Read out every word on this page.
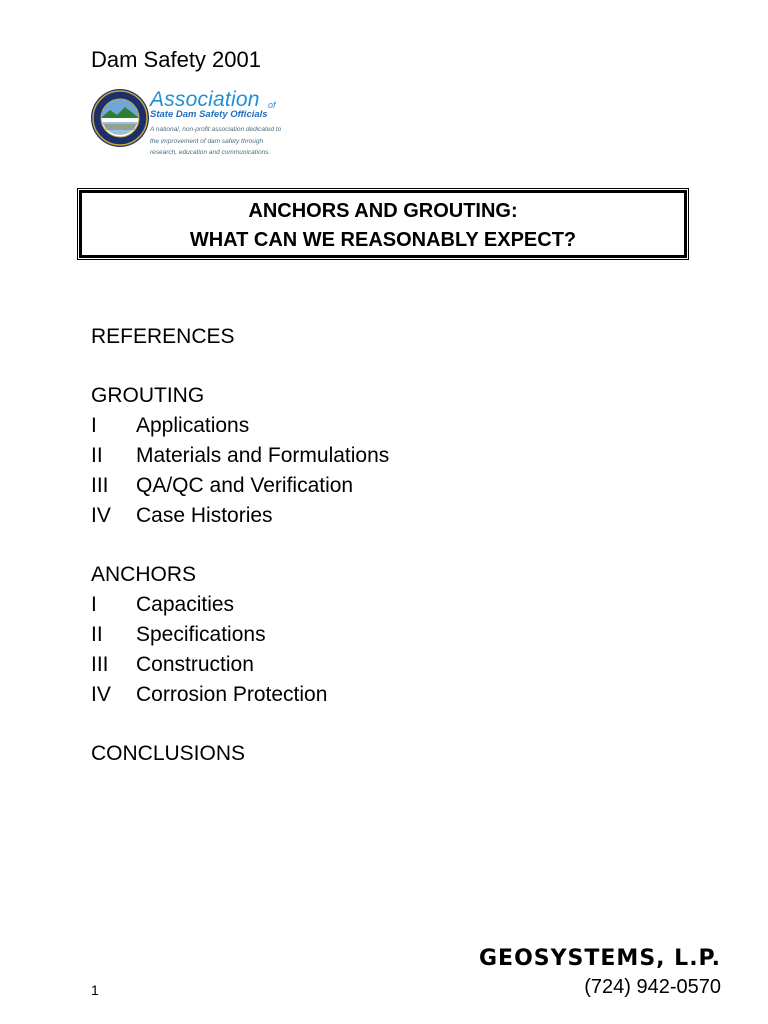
Dam Safety 2001
Association of
State Dam Safety Officials
A national, non-profit association dedicated to the improvement of dam safety through research, education and communications.
ANCHORS AND GROUTING:
WHAT CAN WE REASONABLY EXPECT?
REFERENCES
GROUTING
I	Applications
II	Materials and Formulations
III	QA/QC and Verification
IV	Case Histories
ANCHORS
I	Capacities
II	Specifications
III	Construction
IV	Corrosion Protection
CONCLUSIONS
GEOSYSTEMS, L.P.
(724) 942-0570
1
